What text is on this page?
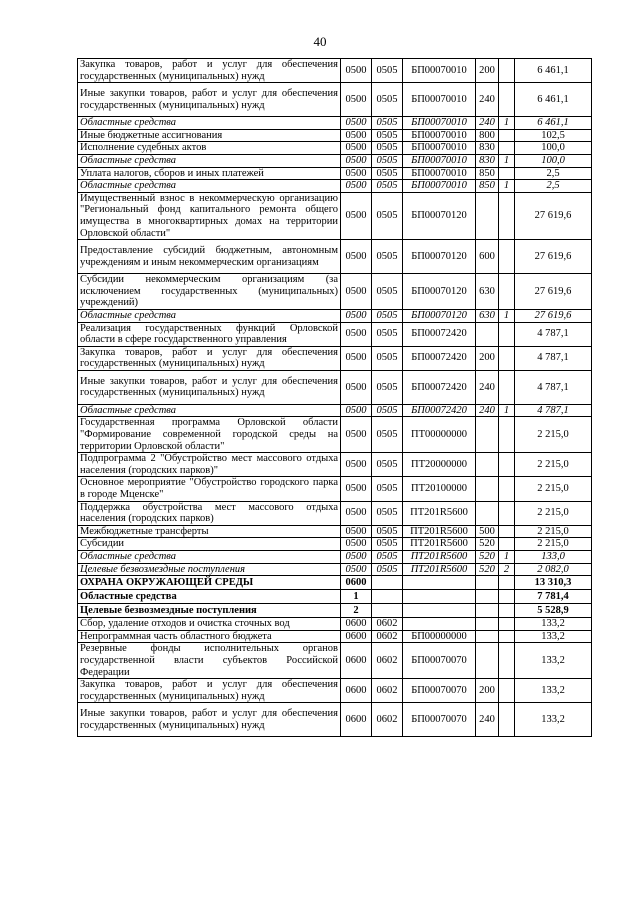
40
Закупка товаров, работ и услуг для обеспечения государственных (муниципальных) нужд	0500	0505	БП00070010	200		6 461,1
Иные закупки товаров, работ и услуг для обеспечения государственных (муниципальных) нужд	0500	0505	БП00070010	240		6 461,1
Областные средства	0500	0505	БП00070010	240	1	6 461,1
Иные бюджетные ассигнования	0500	0505	БП00070010	800		102,5
Исполнение судебных актов	0500	0505	БП00070010	830		100,0
Областные средства	0500	0505	БП00070010	830	1	100,0
Уплата налогов, сборов и иных платежей	0500	0505	БП00070010	850		2,5
Областные средства	0500	0505	БП00070010	850	1	2,5
Имущественный взнос в некоммерческую организацию "Региональный фонд капитального ремонта общего имущества в многоквартирных домах на территории Орловской области"	0500	0505	БП00070120			27 619,6
Предоставление субсидий бюджетным, автономным учреждениям и иным некоммерческим организациям	0500	0505	БП00070120	600		27 619,6
Субсидии некоммерческим организациям (за исключением государственных (муниципальных) учреждений)	0500	0505	БП00070120	630		27 619,6
Областные средства	0500	0505	БП00070120	630	1	27 619,6
Реализация государственных функций Орловской области в сфере государственного управления	0500	0505	БП00072420			4 787,1
Закупка товаров, работ и услуг для обеспечения государственных (муниципальных) нужд	0500	0505	БП00072420	200		4 787,1
Иные закупки товаров, работ и услуг для обеспечения государственных (муниципальных) нужд	0500	0505	БП00072420	240		4 787,1
Областные средства	0500	0505	БП00072420	240	1	4 787,1
Государственная программа Орловской области "Формирование современной городской среды на территории Орловской области"	0500	0505	ПТ00000000			2 215,0
Подпрограмма 2 "Обустройство мест массового отдыха населения (городских парков)"	0500	0505	ПТ20000000			2 215,0
Основное мероприятие "Обустройство городского парка в городе Мценске"	0500	0505	ПТ20100000			2 215,0
Поддержка обустройства мест массового отдыха населения (городских парков)	0500	0505	ПТ201R5600			2 215,0
Межбюджетные трансферты	0500	0505	ПТ201R5600	500		2 215,0
Субсидии	0500	0505	ПТ201R5600	520		2 215,0
Областные средства	0500	0505	ПТ201R5600	520	1	133,0
Целевые безвозмездные поступления	0500	0505	ПТ201R5600	520	2	2 082,0
ОХРАНА ОКРУЖАЮЩЕЙ СРЕДЫ	0600					13 310,3
Областные средства	1					7 781,4
Целевые безвозмездные поступления	2					5 528,9
Сбор, удаление отходов и очистка сточных вод	0600	0602				133,2
Непрограммная часть областного бюджета	0600	0602	БП00000000			133,2
Резервные фонды исполнительных органов государственной власти субъектов Российской Федерации	0600	0602	БП00070070			133,2
Закупка товаров, работ и услуг для обеспечения государственных (муниципальных) нужд	0600	0602	БП00070070	200		133,2
Иные закупки товаров, работ и услуг для обеспечения государственных (муниципальных) нужд	0600	0602	БП00070070	240		133,2
